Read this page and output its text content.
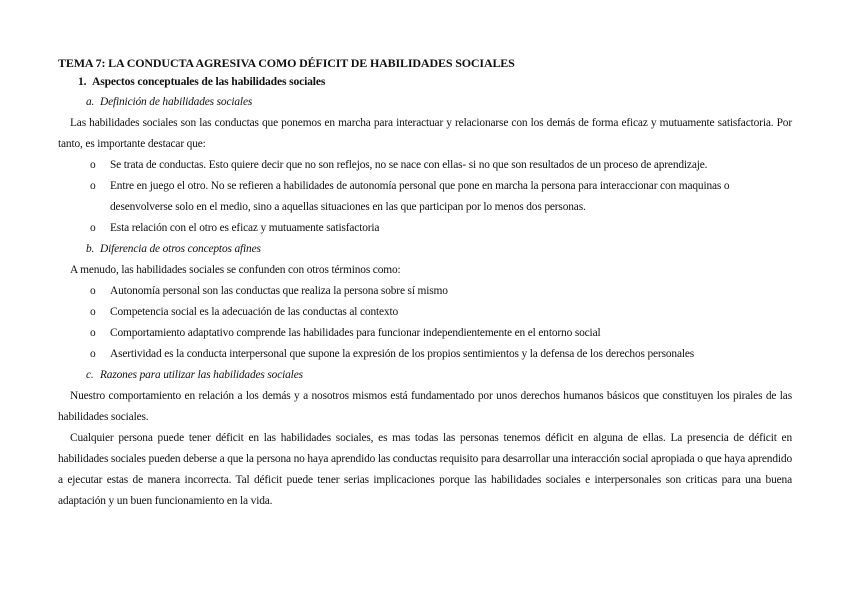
TEMA 7: LA CONDUCTA AGRESIVA COMO DÉFICIT DE HABILIDADES SOCIALES

1. Aspectos conceptuales de las habilidades sociales

a. Definición de habilidades sociales

Las habilidades sociales son las conductas que ponemos en marcha para interactuar y relacionarse con los demás de forma eficaz y mutuamente satisfactoria. Por tanto, es importante destacar que:

o Se trata de conductas. Esto quiere decir que no son reflejos, no se nace con ellas- si no que son resultados de un proceso de aprendizaje.
o Entre en juego el otro. No se refieren a habilidades de autonomía personal que pone en marcha la persona para interaccionar con maquinas o desenvolverse solo en el medio, sino a aquellas situaciones en las que participan por lo menos dos personas.
o Esta relación con el otro es eficaz y mutuamente satisfactoria

b. Diferencia de otros conceptos afines

A menudo, las habilidades sociales se confunden con otros términos como:

o Autonomía personal son las conductas que realiza la persona sobre sí mismo
o Competencia social es la adecuación de las conductas al contexto
o Comportamiento adaptativo comprende las habilidades para funcionar independientemente en el entorno social
o Asertividad es la conducta interpersonal que supone la expresión de los propios sentimientos y la defensa de los derechos personales

c. Razones para utilizar las habilidades sociales

Nuestro comportamiento en relación a los demás y a nosotros mismos está fundamentado por unos derechos humanos básicos que constituyen los pirales de las habilidades sociales.

Cualquier persona puede tener déficit en las habilidades sociales, es mas todas las personas tenemos déficit en alguna de ellas. La presencia de déficit en habilidades sociales pueden deberse a que la persona no haya aprendido las conductas requisito para desarrollar una interacción social apropiada o que haya aprendido a ejecutar estas de manera incorrecta. Tal déficit puede tener serias implicaciones porque las habilidades sociales e interpersonales son criticas para una buena adaptación y un buen funcionamiento en la vida.
